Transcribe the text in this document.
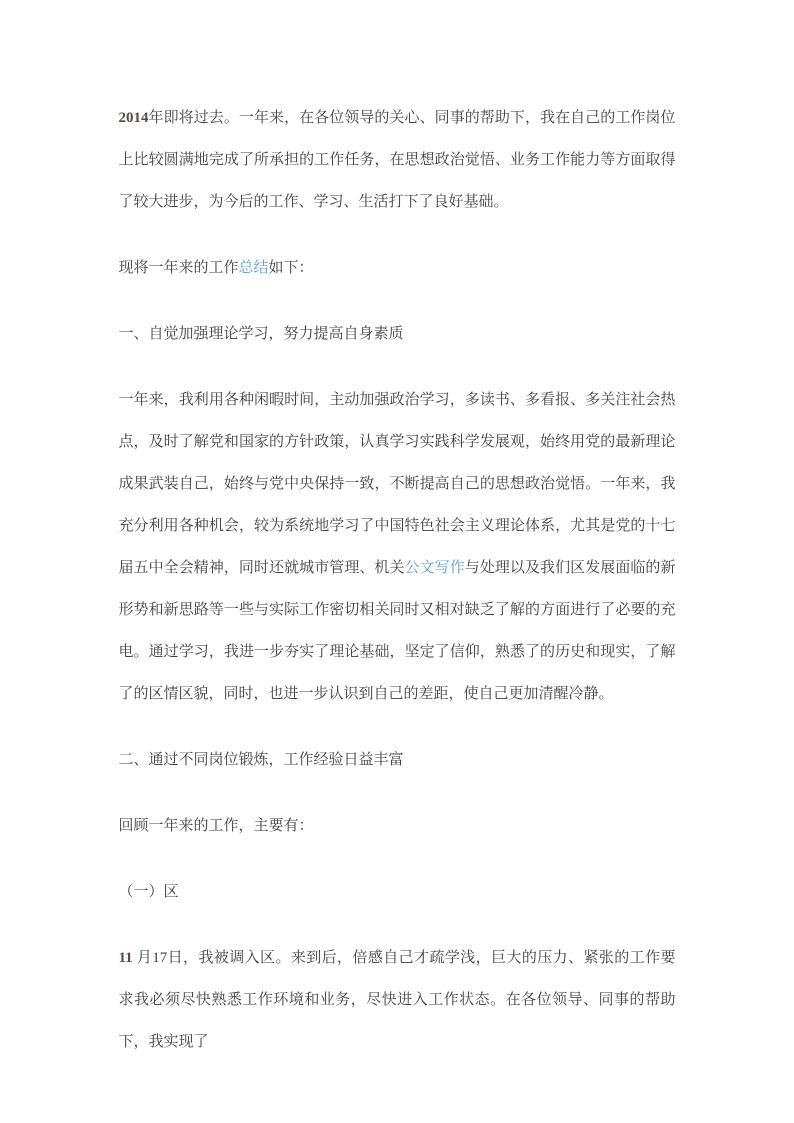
2014年即将过去。一年来，在各位领导的关心、同事的帮助下，我在自己的工作岗位上比较圆满地完成了所承担的工作任务，在思想政治觉悟、业务工作能力等方面取得了较大进步，为今后的工作、学习、生活打下了良好基础。

现将一年来的工作总结如下：

一、自觉加强理论学习，努力提高自身素质

一年来，我利用各种闲暇时间，主动加强政治学习，多读书、多看报、多关注社会热点，及时了解党和国家的方针政策，认真学习实践科学发展观，始终用党的最新理论成果武装自己，始终与党中央保持一致，不断提高自己的思想政治觉悟。一年来，我充分利用各种机会，较为系统地学习了中国特色社会主义理论体系，尤其是党的十七届五中全会精神，同时还就城市管理、机关公文写作与处理以及我们区发展面临的新形势和新思路等一些与实际工作密切相关同时又相对缺乏了解的方面进行了必要的充电。通过学习，我进一步夯实了理论基础，坚定了信仰，熟悉了的历史和现实，了解了的区情区貌，同时，也进一步认识到自己的差距，使自己更加清醒冷静。

二、通过不同岗位锻炼，工作经验日益丰富

回顾一年来的工作，主要有：

（一）区

11 月17日，我被调入区。来到后，倍感自己才疏学浅，巨大的压力、紧张的工作要求我必须尽快熟悉工作环境和业务，尽快进入工作状态。在各位领导、同事的帮助下，我实现了
